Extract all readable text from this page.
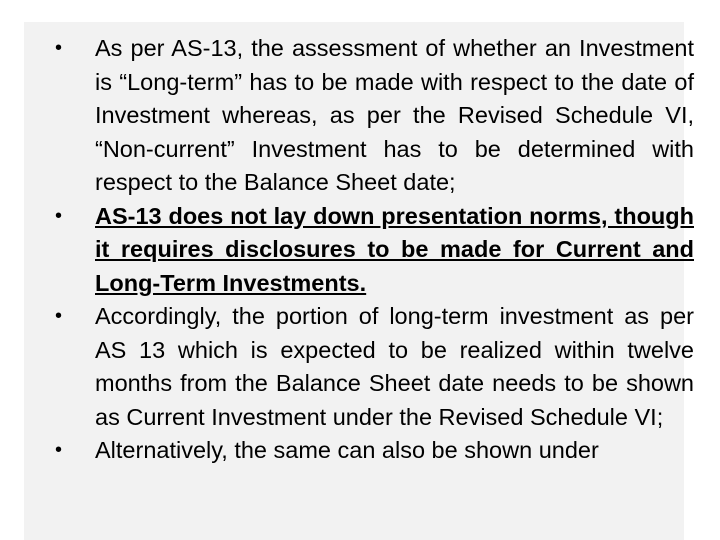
• As per AS-13, the assessment of whether an Investment is “Long-term” has to be made with respect to the date of Investment whereas, as per the Revised Schedule VI, “Non-current” Investment has to be determined with respect to the Balance Sheet date;
• AS-13 does not lay down presentation norms, though it requires disclosures to be made for Current and Long-Term Investments.
• Accordingly, the portion of long-term investment as per AS 13 which is expected to be realized within twelve months from the Balance Sheet date needs to be shown as Current Investment under the Revised Schedule VI;
• Alternatively, the same can also be shown under
